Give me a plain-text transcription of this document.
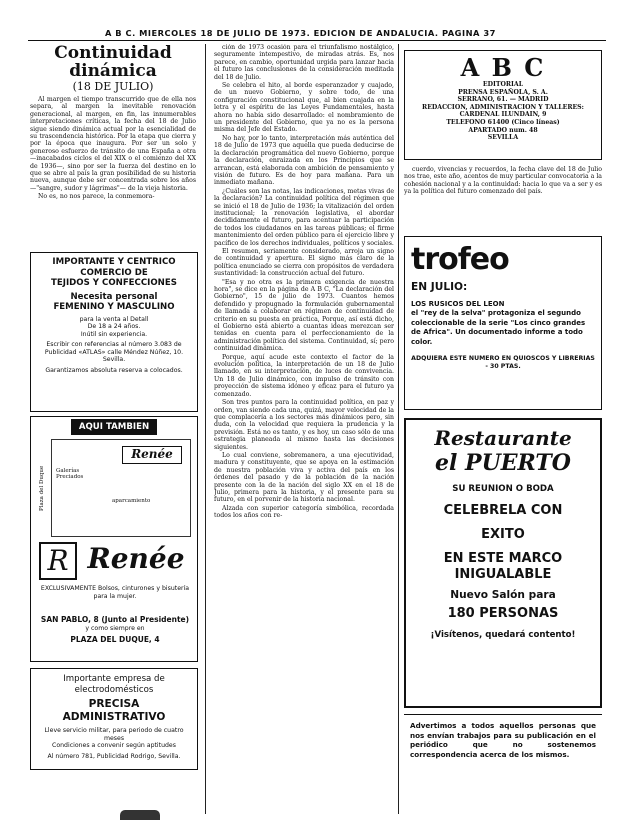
A B C. MIERCOLES 18 DE JULIO DE 1973. EDICION DE ANDALUCIA. PAGINA 37
Continuidad dinámica
(18 DE JULIO)

Al margen el tiempo transcurrido que de ella nos separa, al margen la inevitable renovación generacional, al margen, en fin, las innumerables interpretaciones críticas, la fecha del 18 de Julio sigue siendo dinámica actual por la esencialidad de su trascendencia histórica. Por la etapa que cierra y por la época que inaugura. Por ser un solo y generoso esfuerzo de tránsito de una España a otra —inacabados ciclos el del XIX o el comienzo del XX de 1936—, sino por ser la fuerza del destino en lo que se abre al país la gran posibilidad de su historia nueva, aunque debe ser concentrada sobre los años —"sangre, sudor y lágrimas"— de la vieja historia.

No es, no nos parece, la conmemora-

ción de 1973 ocasión para el triunfalismo nostálgico, seguramente intempestivo, de miradas atrás. Es, nos parece, en cambio, oportunidad urgida para lanzar hacia el futuro las conclusiones de la consideración meditada del 18 de Julio.

Se celebra el hito, al borde esperanzador y cuajado, de un nuevo Gobierno, y sobre todo, de una configuración constitucional que, al bien cuajada en la letra y el espíritu de las Leyes Fundamentales, hasta ahora no había sido desarrollado: el nombramiento de un presidente del Gobierno, que ya no es la persona misma del Jefe del Estado.

No hay, por lo tanto, interpretación más auténtica del 18 de Julio de 1973 que aquella que pueda deducirse de la declaración programática del nuevo Gobierno, porque la declaración, enraizada en los Principios que se arrancan, está elaborada con ambición de pensamiento y visión de futuro. Es de hoy para mañana. Para un inmediato mañana.

¿Cuáles son las notas, las indicaciones, metas vivas de la declaración? La continuidad política del régimen que se inició el 18 de Julio de 1936; la vitalización del orden institucional; la renovación legislativa, el abordar decididamente el futuro, para acentuar la participación de todos los ciudadanos en las tareas públicas; el firme mantenimiento del orden público para el ejercicio libre y pacífico de los derechos individuales, políticos y sociales.

El resumen, seriamente considerado, arroja un signo de continuidad y apertura. El signo más claro de la política enunciado se cierra con propósitos de verdadera sustantividad: la construcción actual del futuro.

"Esa y no otra es la primera exigencia de nuestra hora", se dice en la página de A B C, "La declaración del Gobierno", 15 de julio de 1973. Cuantos hemos defendido y propugnado la formulación gubernamental de llamada a colaborar en régimen de continuidad de criterio en su puesta en práctica, Porque, así está dicho, el Gobierno está abierto a cuantas ideas merezcan ser tenidas en cuenta para el perfeccionamiento de la administración política del sistema. Continuidad, sí; pero continuidad dinámica.

Porque, aquí acude este contexto el factor de la evolución política, la interpretación de un 18 de Julio llamado, en su interpretación, de luces de convivencia. Un 18 de Julio dinámico, con impulso de tránsito con proyección de sistema idóneo y eficaz para el futuro ya comenzado.

Son tres puntos para la continuidad política, en paz y orden, van siendo cada una, quizá, mayor velocidad de la que complacería a los sectores más dinámicos pero, sin duda, con la velocidad que requiera la prudencia y la previsión. Está no es tanto, y es hoy, un caso sólo de una estrategia planeada al mismo hasta las decisiones siguientes.

Lo cual conviene, sobremanera, a una ejecutividad, madura y constituyente, que se apoya en la estimación de nuestra población viva y activa del país en los órdenes del pasado y de la población de la nación presente con la de la nación del siglo XX en el 18 de Julio, primera para la historia, y el presente para su futuro, en el porvenir de la historia nacional.

Alzada con superior categoría simbólica, recordada todos los años con re-

A B C
EDITORIAL
PRENSA ESPAÑOLA, S. A.
SERRANO, 61. — MADRID
REDACCION, ADMINISTRACION Y TALLERES: CARDENAL ILUNDAIN, 9
TELEFONO 61400 (Cinco líneas)
APARTADO num. 48
SEVILLA

cuerdo, vivencias y recuerdos, la fecha clave del 18 de Julio nos trae, este año, acentos de muy particular convocatoria a la cohesión nacional y a la continuidad: hacia lo que va a ser y es ya la política del futuro comenzado del país.

IMPORTANTE Y CENTRICO
COMERCIO DE
TEJIDOS Y CONFECCIONES
Necesita personal
FEMENINO Y MASCULINO
para la venta al Detall
De 18 a 24 años.
Inútil sin experiencia.
Escribir con referencias al número 3.083 de Publicidad «ATLAS» calle Méndez Núñez, 10. Sevilla.
Garantizamos absoluta reserva a colocados.
AQUI TAMBIEN
Plaza del Duque
Renée
Galerías Preciados
aparcamiento
R Renée
EXCLUSIVAMENTE Bolsos, cinturones y bisutería para la mujer.
SAN PABLO, 8 (Junto al Presidente)
y como siempre en
PLAZA DEL DUQUE, 4
Importante empresa de
electrodomésticos
PRECISA ADMINISTRATIVO
Lleve servicio militar, para periodo de cuatro meses
Condiciones a convenir según aptitudes
Al número 781, Publicidad Rodrigo, Sevilla.
trofeo
EN JULIO:
LOS RUSICOS DEL LEON
el "rey de la selva" protagoniza el segundo coleccionable de la serie "Los cinco grandes de Africa". Un documentado informe a todo color.
ADQUIERA ESTE NUMERO EN QUIOSCOS Y LIBRERIAS - 30 PTAS.
Restaurante
el PUERTO
SU REUNION O BODA
CELEBRELA CON
EXITO
EN ESTE MARCO
INIGUALABLE
Nuevo Salón para
180 PERSONAS
¡Visítenos, quedará contento!
Advertimos a todos aquellos personas que nos envían trabajos para su publicación en el periódico que no sostenemos correspondencia acerca de los mismos.
